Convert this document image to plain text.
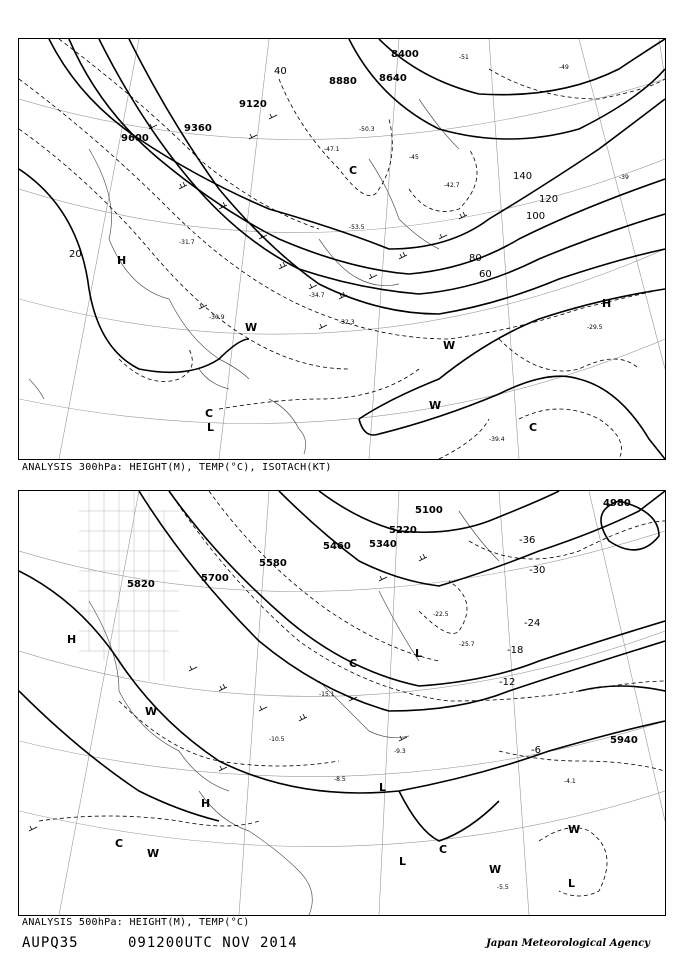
8400
8640
8880
9120
9360
9600
40
60
80
100
120
140
20
-51
-49
-47.1
-45
-39
-31.7
-30.9
-29.5
-32.3
-34.7
-53.5
-50.3
-42.7
-39.4
H
H
W
W
W
C
C
C
L
ANALYSIS 300hPa: HEIGHT(M), TEMP(°C), ISOTACH(KT)
5100
5220
5340
5460
5580
5700
5820
5940
4980
-36
-30
-24
-18
-12
-6
-22.5
-25.7
-10.5
-8.5	-4.1
-5.5
-9.3
-15.1
H
H
L
L
L
L
W
W
W
W
C
C	C
ANALYSIS 500hPa: HEIGHT(M), TEMP(°C)
AUPQ35	091200UTC NOV 2014	Japan Meteorological Agency
